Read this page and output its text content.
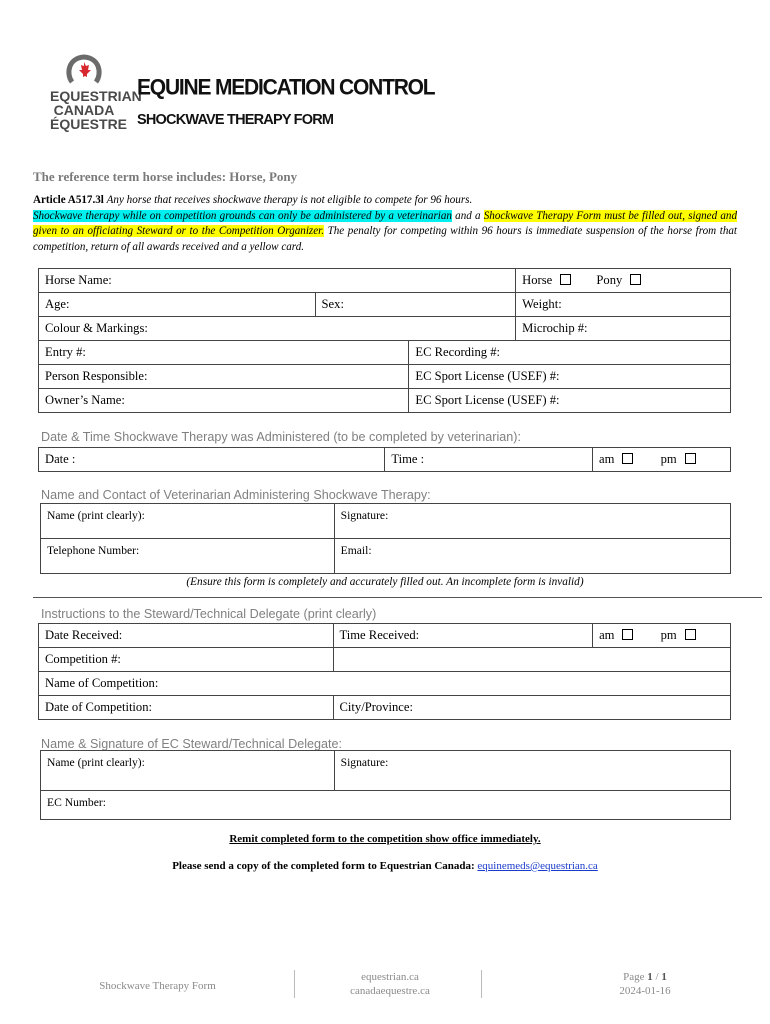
EQUESTRIAN
CANADA
ÉQUESTRE
EQUINE MEDICATION CONTROL
SHOCKWAVE THERAPY FORM
The reference term horse includes: Horse, Pony
Article A517.3l Any horse that receives shockwave therapy is not eligible to compete for 96 hours.
Shockwave therapy while on competition grounds can only be administered by a veterinarian and a Shockwave Therapy Form must be filled out, signed and given to an officiating Steward or to the Competition Organizer. The penalty for competing within 96 hours is immediate suspension of the horse from that competition, return of all awards received and a yellow card.
Horse Name:			Horse Pony
Age:	Sex:		Weight:
Colour & Markings:			Microchip #:
Entry #:		EC Recording #:	
Person Responsible:		EC Sport License (USEF) #:	
Owner’s Name:		EC Sport License (USEF) #:	
Date & Time Shockwave Therapy was Administered (to be completed by veterinarian):
Date :	Time :	am	pm
Name and Contact of Veterinarian Administering Shockwave Therapy:
Name (print clearly):	Signature:
Telephone Number:	Email:
(Ensure this form is completely and accurately filled out. An incomplete form is invalid)
Instructions to the Steward/Technical Delegate (print clearly)
Date Received:	Time Received:	am pm
Competition #:		
Name of Competition:		
Date of Competition:	City/Province:	
Name & Signature of EC Steward/Technical Delegate:
Name (print clearly):	Signature:
EC Number:
Remit completed form to the competition show office immediately.
Please send a copy of the completed form to Equestrian Canada: equinemeds@equestrian.ca
Shockwave Therapy Form
equestrian.ca
canadaequestre.ca
Page 1 / 1
2024-01-16
